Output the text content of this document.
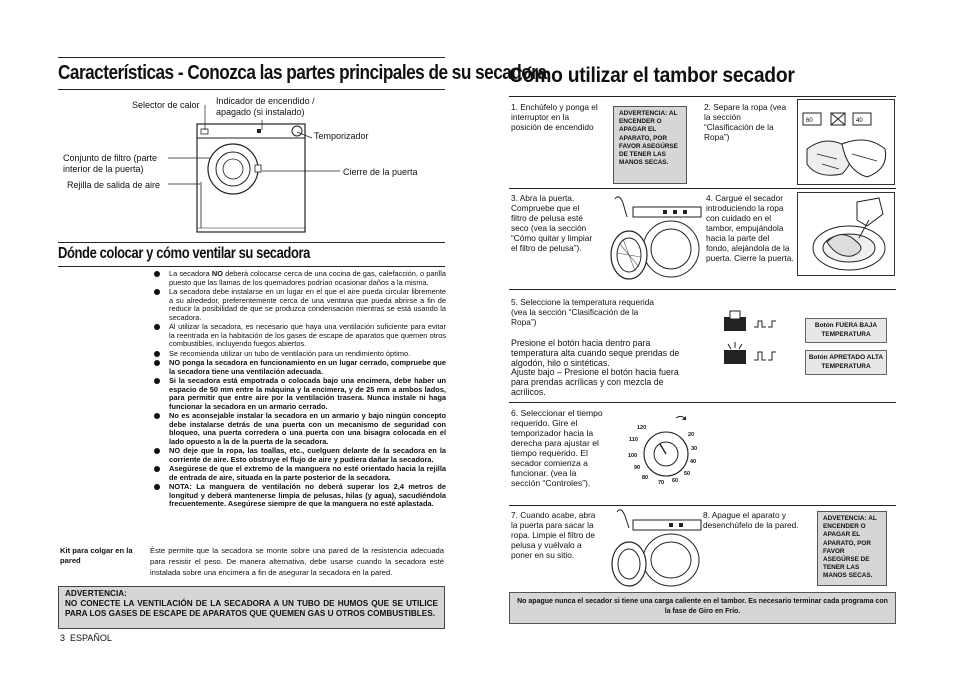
Características - Conozca las partes principales de su secadora
Selector de calor	Indicador de encendido / apagado (si instalado)
Temporizador
Conjunto de filtro (parte interior de la puerta)
Rejilla de salida de aire
Cierre de la puerta
Dónde colocar y cómo ventilar su secadora
La secadora NO deberá colocarse cerca de una cocina de gas, calefacción, o parilla puesto que las llamas de los quemadores podrían ocasionar daños a la misma.
La secadora debe instalarse en un lugar en el que el aire pueda circular libremente a su alrededor, preferentemente cerca de una ventana que pueda abrirse a fin de reducir la posibilidad de que se produzca condensación mientras se está usando la secadora.
Al utilizar la secadora, es necesario que haya una ventilación suficiente para evitar la reentrada en la habitación de los gases de escape de aparatos que quemen otros combustibles, incluyendo fuegos abiertos.
Se recomienda utilizar un tubo de ventilación para un rendimiento óptimo.
NO ponga la secadora en funcionamiento en un lugar cerrado, compruebe que la secadora tiene una ventilación adecuada.
Si la secadora está empotrada o colocada bajo una encimera, debe haber un espacio de 50 mm entre la máquina y la encimera, y de 25 mm a ambos lados, para permitir que entre aire por la ventilación trasera. Nunca instale ni haga funcionar la secadora en un armario cerrado.
No es aconsejable instalar la secadora en un armario y bajo ningún concepto debe instalarse detrás de una puerta con un mecanismo de seguridad con bloqueo, una puerta corredera o una puerta con una bisagra colocada en el lado opuesto a la de la puerta de la secadora.
NO deje que la ropa, las toallas, etc., cuelguen delante de la secadora en la corriente de aire. Esto obstruye el flujo de aire y pudiera dañar la secadora.
Asegúrese de que el extremo de la manguera no esté orientado hacia la rejilla de entrada de aire, situada en la parte posterior de la secadora.
NOTA: La manguera de ventilación no deberá superar los 2,4 metros de longitud y deberá mantenerse limpia de pelusas, hilas (y agua), sacudiéndola frecuentemente. Asegúrese siempre de que la manguera no esté aplastada.
Kit para colgar en la pared
Éste permite que la secadora se monte sobre una pared de la resistencia adecuada para resistir el peso. De manera alternativa, debe usarse cuando la secadora esté instalada sobre una encimera a fin de asegurar la secadora en la pared.
ADVERTENCIA:
NO CONECTE LA VENTILACIÓN DE LA SECADORA A UN TUBO DE HUMOS QUE SE UTILICE PARA LOS GASES DE ESCAPE DE APARATOS QUE QUEMEN GAS U OTROS COMBUSTIBLES.
3 ESPAÑOL
Cómo utilizar el tambor secador
1. Enchúfelo y ponga el interruptor en la posición de encendido
ADVERTENCIA: AL ENCENDER O APAGAR EL APARATO, POR FAVOR ASEGÚRSE DE TENER LAS MANOS SECAS.
2. Separe la ropa (vea la sección “Clasificación de la Ropa”)
60	40
3. Abra la puerta. Compruebe que el filtro de pelusa esté seco (vea la sección “Cómo quitar y limpiar el filtro de pelusa”).
4. Cargue el secador introduciendo la ropa con cuidado en el tambor, empujándola hacia la parte del fondo, alejándola de la puerta. Cierre la puerta.
5. Seleccione la temperatura requerida (vea la sección “Clasificación de la Ropa”)
Presione el botón hacia dentro para temperatura alta cuando seque prendas de algodón, hilo o sintéticas.
Ajuste bajo – Presione el botón hacia fuera para prendas acrílicas y con mezcla de acrílicos.
Botón FUERA BAJA TEMPERATURA
Botón APRETADO ALTA TEMPERATURA
6. Seleccionar el tiempo requerido. Gire el temporizador hacia la derecha para ajustar el tiempo requerido. El secador comienza a funcionar. (vea la sección “Controles”).
120
110
100
90
80
70 60
50
40
30
20
7. Cuando acabe, abra la puerta para sacar la ropa. Limpie el filtro de pelusa y vuélvalo a poner en su sitio.
8. Apague el aparato y desenchúfelo de la pared.
ADVETENCIA: AL ENCENDER O APAGAR EL APARATO, POR FAVOR ASEGÚRSE DE TENER LAS MANOS SECAS.
No apague nunca el secador si tiene una carga caliente en el tambor. Es necesario terminar cada programa con la fase de Giro en Frío.
